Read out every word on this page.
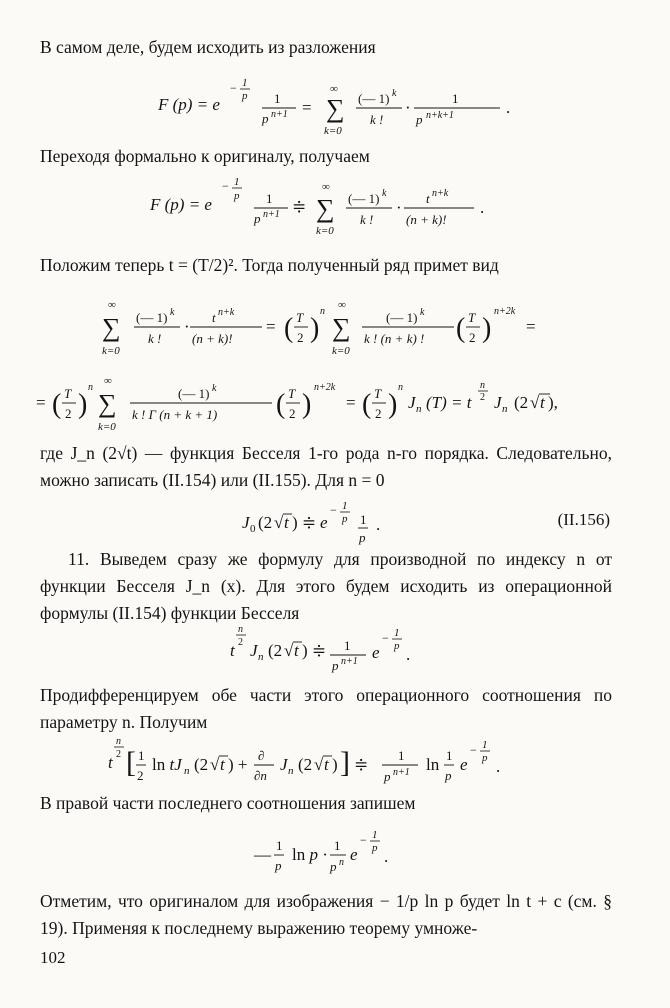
В самом деле, будем исходить из разложения

F (p) = e
− 1
p 1
p n+1 = ∑
∞
k=0
(— 1) k
k !
·	1
p n+k+1	.

Переходя формально к оригиналу, получаем

F (p) = e
− 1
p 1
p n+1 ≑ ∑
∞
k=0
(— 1) k
k !
· t n+k
(n + k)!
.

Положим теперь t = (T/2)². Тогда полученный ряд примет вид

∑
∞
k=0
(— 1) k
k !
· t n+k
(n + k)!
= ( T
2 )
n
∑
∞
k=0
(— 1) k
k ! (n + k) ! ( T
2 )
n+2k
=
= ( T
2 )
n
∑
∞
k=0
(— 1) k
k ! Γ (n + k + 1) ( T
2 )
n+2k
= ( T
2 )
n
J n (T) = t
n
2 J n (2 √ t ),

где J_n (2√t) — функция Бесселя 1-го рода n-го порядка. Следовательно, можно записать (II.154) или (II.155). Для n = 0

J 0 (2 √ t ) ≑ e
− 1
p 1
p
.	(II.156)

11. Выведем сразу же формулу для производной по индексу n от функции Бесселя J_n (x). Для этого будем исходить из операционной формулы (II.154) функции Бесселя

t
n
2 J n (2 √ t ) ≑ 1
p n+1 e
− 1
p .

Продифференцируем обе части этого операционного соотношения по параметру n. Получим

t
n
2 [ 1
2
ln tJ n (2 √ t ) + ∂
∂n
J n (2 √ t ) ] ≑ 1
p n+1 ln 1
p
e
− 1
p .

В правой части последнего соотношения запишем

— 1
p
ln p · 1
p n e
− 1
p .

Отметим, что оригиналом для изображения − 1/p ln p будет ln t + c (см. § 19). Применяя к последнему выражению теорему умноже-

102
